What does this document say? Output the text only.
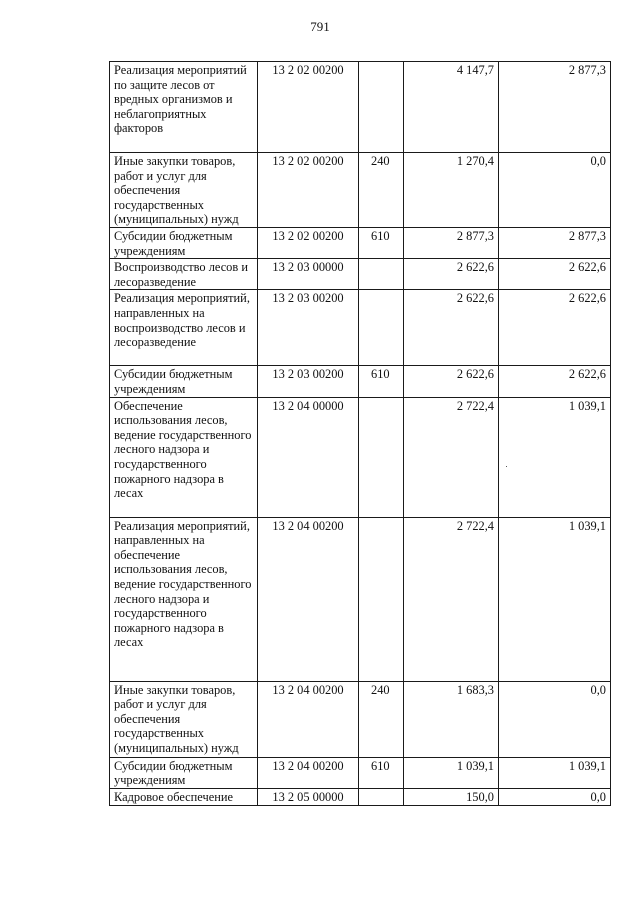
791
Реализация мероприятий по защите лесов от вредных организмов и неблагоприятных факторов	13 2 02 00200		4 147,7	2 877,3
Иные закупки товаров, работ и услуг для обеспечения государственных (муниципальных) нужд	13 2 02 00200	240	1 270,4	0,0
Субсидии бюджетным учреждениям	13 2 02 00200	610	2 877,3	2 877,3
Воспроизводство лесов и лесоразведение	13 2 03 00000		2 622,6	2 622,6
Реализация мероприятий, направленных на воспроизводство лесов и лесоразведение	13 2 03 00200		2 622,6	2 622,6
Субсидии бюджетным учреждениям	13 2 03 00200	610	2 622,6	2 622,6
Обеспечение использования лесов, ведение государственного лесного надзора и государственного пожарного надзора в лесах	13 2 04 00000		2 722,4	1 039,1
Реализация мероприятий, направленных на обеспечение использования лесов, ведение государственного лесного надзора и государственного пожарного надзора в лесах	13 2 04 00200		2 722,4	1 039,1
Иные закупки товаров, работ и услуг для обеспечения государственных (муниципальных) нужд	13 2 04 00200	240	1 683,3	0,0
Субсидии бюджетным учреждениям	13 2 04 00200	610	1 039,1	1 039,1
Кадровое обеспечение	13 2 05 00000		150,0	0,0
